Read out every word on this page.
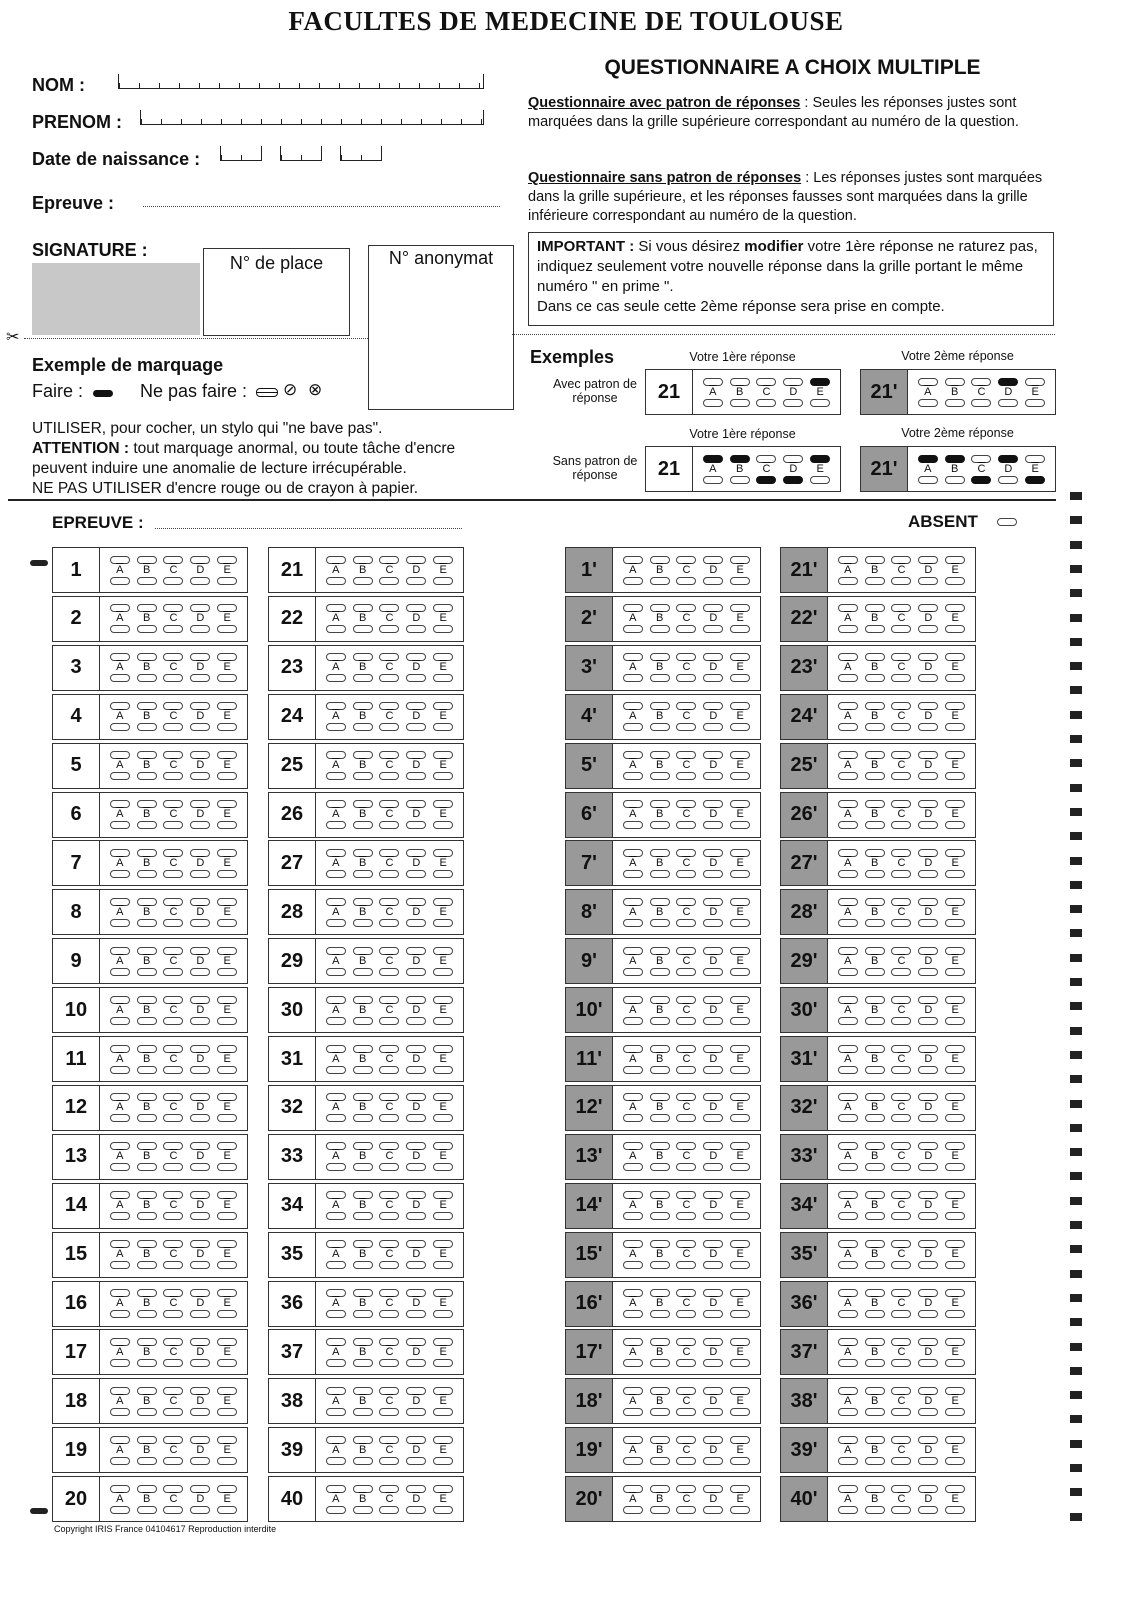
FACULTES DE MEDECINE DE TOULOUSE
QUESTIONNAIRE A CHOIX MULTIPLE
NOM :
PRENOM :
Date de naissance :
Epreuve :
SIGNATURE :
N° de place	N° anonymat
✂
Questionnaire avec patron de réponses : Seules les réponses justes sont marquées dans la grille supérieure correspondant au numéro de la question.
Questionnaire sans patron de réponses : Les réponses justes sont marquées dans la grille supérieure, et les réponses fausses sont marquées dans la grille inférieure correspondant au numéro de la question.
IMPORTANT : Si vous désirez modifier votre 1ère réponse ne raturez pas, indiquez seulement votre nouvelle réponse dans la grille portant le même numéro " en prime ".
Dans ce cas seule cette 2ème réponse sera prise en compte.
Exemple de marquage
Faire :	Ne pas faire : ⊘ ⊗
UTILISER, pour cocher, un stylo qui "ne bave pas".
ATTENTION : tout marquage anormal, ou toute tâche d'encre peuvent induire une anomalie de lecture irrécupérable.
NE PAS UTILISER d'encre rouge ou de crayon à papier.
Exemples	Votre 1ère réponse	Votre 2ème réponse
Avec patron de réponse
Votre 1ère réponse	Votre 2ème réponse
Sans patron de réponse
21	$\overline{A}$ $\overline{B}$ $\overline{C}$ $\overline{D}$ $\overline{E}$	21'	$\overline{A}$ $\overline{B}$ $\overline{C}$ $\overline{D}$ $\overline{E}$
21	$\overline{A}$ $\overline{B}$ $\overline{C}$ $\overline{D}$ $\overline{E}$	21'	$\overline{A}$ $\overline{B}$ $\overline{C}$ $\overline{D}$ $\overline{E}$
EPREUVE :	ABSENT
1	$\overline{A}$ $\overline{B}$ $\overline{C}$ $\overline{D}$ $\overline{E}$
2	$\overline{A}$ $\overline{B}$ $\overline{C}$ $\overline{D}$ $\overline{E}$
3	$\overline{A}$ $\overline{B}$ $\overline{C}$ $\overline{D}$ $\overline{E}$
4	$\overline{A}$ $\overline{B}$ $\overline{C}$ $\overline{D}$ $\overline{E}$
5	$\overline{A}$ $\overline{B}$ $\overline{C}$ $\overline{D}$ $\overline{E}$
6	$\overline{A}$ $\overline{B}$ $\overline{C}$ $\overline{D}$ $\overline{E}$
7	$\overline{A}$ $\overline{B}$ $\overline{C}$ $\overline{D}$ $\overline{E}$
8	$\overline{A}$ $\overline{B}$ $\overline{C}$ $\overline{D}$ $\overline{E}$
9	$\overline{A}$ $\overline{B}$ $\overline{C}$ $\overline{D}$ $\overline{E}$
10	$\overline{A}$ $\overline{B}$ $\overline{C}$ $\overline{D}$ $\overline{E}$
11	$\overline{A}$ $\overline{B}$ $\overline{C}$ $\overline{D}$ $\overline{E}$
12	$\overline{A}$ $\overline{B}$ $\overline{C}$ $\overline{D}$ $\overline{E}$
13	$\overline{A}$ $\overline{B}$ $\overline{C}$ $\overline{D}$ $\overline{E}$
14	$\overline{A}$ $\overline{B}$ $\overline{C}$ $\overline{D}$ $\overline{E}$
15	$\overline{A}$ $\overline{B}$ $\overline{C}$ $\overline{D}$ $\overline{E}$
16	$\overline{A}$ $\overline{B}$ $\overline{C}$ $\overline{D}$ $\overline{E}$
17	$\overline{A}$ $\overline{B}$ $\overline{C}$ $\overline{D}$ $\overline{E}$
18	$\overline{A}$ $\overline{B}$ $\overline{C}$ $\overline{D}$ $\overline{E}$
19	$\overline{A}$ $\overline{B}$ $\overline{C}$ $\overline{D}$ $\overline{E}$
20	$\overline{A}$ $\overline{B}$ $\overline{C}$ $\overline{D}$ $\overline{E}$
21	$\overline{A}$ $\overline{B}$ $\overline{C}$ $\overline{D}$ $\overline{E}$
22	$\overline{A}$ $\overline{B}$ $\overline{C}$ $\overline{D}$ $\overline{E}$
23	$\overline{A}$ $\overline{B}$ $\overline{C}$ $\overline{D}$ $\overline{E}$
24	$\overline{A}$ $\overline{B}$ $\overline{C}$ $\overline{D}$ $\overline{E}$
25	$\overline{A}$ $\overline{B}$ $\overline{C}$ $\overline{D}$ $\overline{E}$
26	$\overline{A}$ $\overline{B}$ $\overline{C}$ $\overline{D}$ $\overline{E}$
27	$\overline{A}$ $\overline{B}$ $\overline{C}$ $\overline{D}$ $\overline{E}$
28	$\overline{A}$ $\overline{B}$ $\overline{C}$ $\overline{D}$ $\overline{E}$
29	$\overline{A}$ $\overline{B}$ $\overline{C}$ $\overline{D}$ $\overline{E}$
30	$\overline{A}$ $\overline{B}$ $\overline{C}$ $\overline{D}$ $\overline{E}$
31	$\overline{A}$ $\overline{B}$ $\overline{C}$ $\overline{D}$ $\overline{E}$
32	$\overline{A}$ $\overline{B}$ $\overline{C}$ $\overline{D}$ $\overline{E}$
33	$\overline{A}$ $\overline{B}$ $\overline{C}$ $\overline{D}$ $\overline{E}$
34	$\overline{A}$ $\overline{B}$ $\overline{C}$ $\overline{D}$ $\overline{E}$
35	$\overline{A}$ $\overline{B}$ $\overline{C}$ $\overline{D}$ $\overline{E}$
36	$\overline{A}$ $\overline{B}$ $\overline{C}$ $\overline{D}$ $\overline{E}$
37	$\overline{A}$ $\overline{B}$ $\overline{C}$ $\overline{D}$ $\overline{E}$
38	$\overline{A}$ $\overline{B}$ $\overline{C}$ $\overline{D}$ $\overline{E}$
39	$\overline{A}$ $\overline{B}$ $\overline{C}$ $\overline{D}$ $\overline{E}$
40	$\overline{A}$ $\overline{B}$ $\overline{C}$ $\overline{D}$ $\overline{E}$
1'	$\overline{A}$ $\overline{B}$ $\overline{C}$ $\overline{D}$ $\overline{E}$
2'	$\overline{A}$ $\overline{B}$ $\overline{C}$ $\overline{D}$ $\overline{E}$
3'	$\overline{A}$ $\overline{B}$ $\overline{C}$ $\overline{D}$ $\overline{E}$
4'	$\overline{A}$ $\overline{B}$ $\overline{C}$ $\overline{D}$ $\overline{E}$
5'	$\overline{A}$ $\overline{B}$ $\overline{C}$ $\overline{D}$ $\overline{E}$
6'	$\overline{A}$ $\overline{B}$ $\overline{C}$ $\overline{D}$ $\overline{E}$
7'	$\overline{A}$ $\overline{B}$ $\overline{C}$ $\overline{D}$ $\overline{E}$
8'	$\overline{A}$ $\overline{B}$ $\overline{C}$ $\overline{D}$ $\overline{E}$
9'	$\overline{A}$ $\overline{B}$ $\overline{C}$ $\overline{D}$ $\overline{E}$
10'	$\overline{A}$ $\overline{B}$ $\overline{C}$ $\overline{D}$ $\overline{E}$
11'	$\overline{A}$ $\overline{B}$ $\overline{C}$ $\overline{D}$ $\overline{E}$
12'	$\overline{A}$ $\overline{B}$ $\overline{C}$ $\overline{D}$ $\overline{E}$
13'	$\overline{A}$ $\overline{B}$ $\overline{C}$ $\overline{D}$ $\overline{E}$
14'	$\overline{A}$ $\overline{B}$ $\overline{C}$ $\overline{D}$ $\overline{E}$
15'	$\overline{A}$ $\overline{B}$ $\overline{C}$ $\overline{D}$ $\overline{E}$
16'	$\overline{A}$ $\overline{B}$ $\overline{C}$ $\overline{D}$ $\overline{E}$
17'	$\overline{A}$ $\overline{B}$ $\overline{C}$ $\overline{D}$ $\overline{E}$
18'	$\overline{A}$ $\overline{B}$ $\overline{C}$ $\overline{D}$ $\overline{E}$
19'	$\overline{A}$ $\overline{B}$ $\overline{C}$ $\overline{D}$ $\overline{E}$
20'	$\overline{A}$ $\overline{B}$ $\overline{C}$ $\overline{D}$ $\overline{E}$
21'	$\overline{A}$ $\overline{B}$ $\overline{C}$ $\overline{D}$ $\overline{E}$
22'	$\overline{A}$ $\overline{B}$ $\overline{C}$ $\overline{D}$ $\overline{E}$
23'	$\overline{A}$ $\overline{B}$ $\overline{C}$ $\overline{D}$ $\overline{E}$
24'	$\overline{A}$ $\overline{B}$ $\overline{C}$ $\overline{D}$ $\overline{E}$
25'	$\overline{A}$ $\overline{B}$ $\overline{C}$ $\overline{D}$ $\overline{E}$
26'	$\overline{A}$ $\overline{B}$ $\overline{C}$ $\overline{D}$ $\overline{E}$
27'	$\overline{A}$ $\overline{B}$ $\overline{C}$ $\overline{D}$ $\overline{E}$
28'	$\overline{A}$ $\overline{B}$ $\overline{C}$ $\overline{D}$ $\overline{E}$
29'	$\overline{A}$ $\overline{B}$ $\overline{C}$ $\overline{D}$ $\overline{E}$
30'	$\overline{A}$ $\overline{B}$ $\overline{C}$ $\overline{D}$ $\overline{E}$
31'	$\overline{A}$ $\overline{B}$ $\overline{C}$ $\overline{D}$ $\overline{E}$
32'	$\overline{A}$ $\overline{B}$ $\overline{C}$ $\overline{D}$ $\overline{E}$
33'	$\overline{A}$ $\overline{B}$ $\overline{C}$ $\overline{D}$ $\overline{E}$
34'	$\overline{A}$ $\overline{B}$ $\overline{C}$ $\overline{D}$ $\overline{E}$
35'	$\overline{A}$ $\overline{B}$ $\overline{C}$ $\overline{D}$ $\overline{E}$
36'	$\overline{A}$ $\overline{B}$ $\overline{C}$ $\overline{D}$ $\overline{E}$
37'	$\overline{A}$ $\overline{B}$ $\overline{C}$ $\overline{D}$ $\overline{E}$
38'	$\overline{A}$ $\overline{B}$ $\overline{C}$ $\overline{D}$ $\overline{E}$
39'	$\overline{A}$ $\overline{B}$ $\overline{C}$ $\overline{D}$ $\overline{E}$
40'	$\overline{A}$ $\overline{B}$ $\overline{C}$ $\overline{D}$ $\overline{E}$
Copyright IRIS France 04104617 Reproduction interdite
